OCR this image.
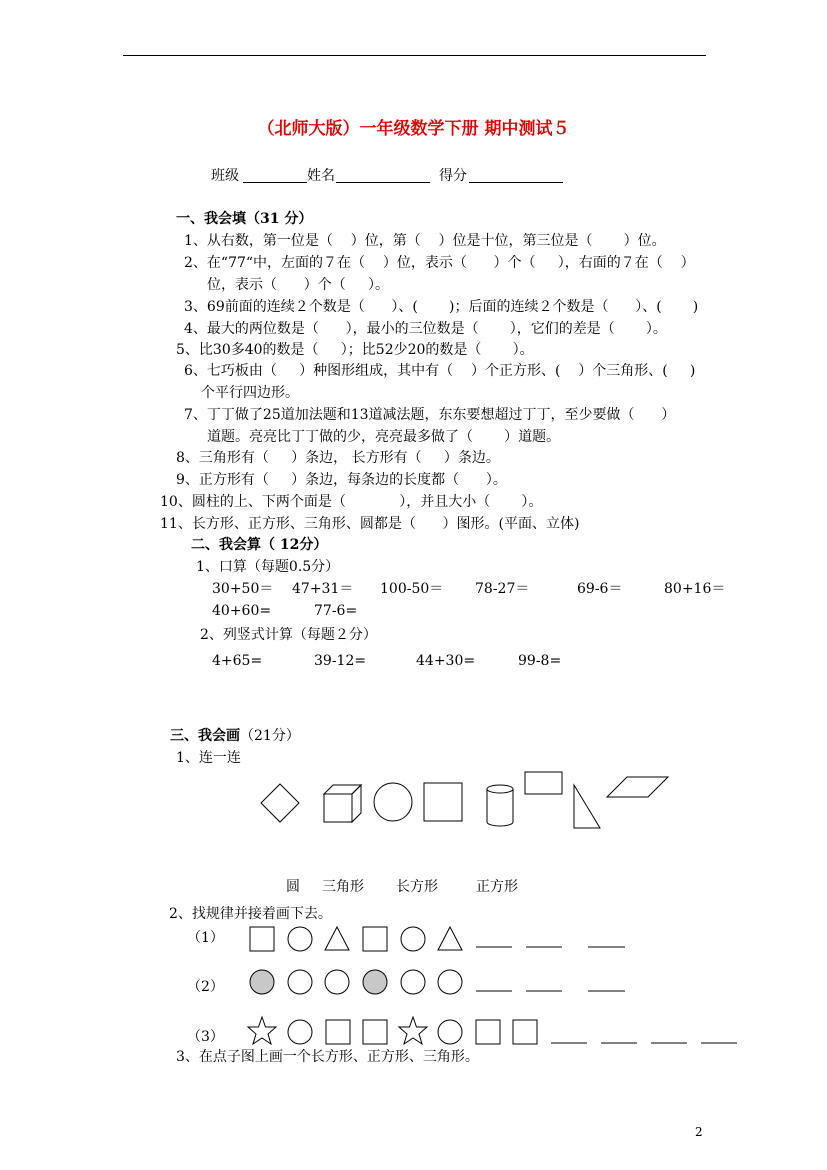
（北师大版）一年级数学下册 期中测试５
班级	姓名	得分
一、我会填（31 分）
1、从右数，第一位是（    ）位，第（    ）位是十位，第三位是（       ）位。
2、在“77“中，左面的７在（    ）位，表示（      ）个（     ），右面的７在（    ）
位，表示（      ）个（     ）。
3、69前面的连续２个数是（      ）、(       )；后面的连续２个数是（      ）、(       )
4、最大的两位数是（      ），最小的三位数是（       ），它们的差是（       ）。
5、比30多40的数是（     ）；比52少20的数是（       ）。
6、七巧板由（     ）种图形组成，其中有（    ）个正方形、(    ）个三角形、(     )
个平行四边形。
7、丁丁做了25道加法题和13道减法题，东东要想超过丁丁，至少要做（      ）
道题。亮亮比丁丁做的少，亮亮最多做了（       ）道题。
8、三角形有（     ）条边， 长方形有（     ）条边。
9、正方形有（     ）条边，每条边的长度都（      ）。
10、圆柱的上、下两个面是（            ），并且大小（       ）。
11、长方形、正方形、三角形、圆都是（      ）图形。(平面、立体)
二、我会算（ 12分）
1、口算（每题0.5分）
30+50＝ 47+31＝ 100-50＝ 78-27＝	69-6＝	80+16＝
40+60=	77-6=
2、列竖式计算（每题２分）
4+65=	39-12=	44+30=	99-8=
三、我会画（21分）
1、连一连
圆 三角形 长方形	正方形
2、找规律并接着画下去。
（1）
（2）
（3）
3、在点子图上画一个长方形、正方形、三角形。
2
